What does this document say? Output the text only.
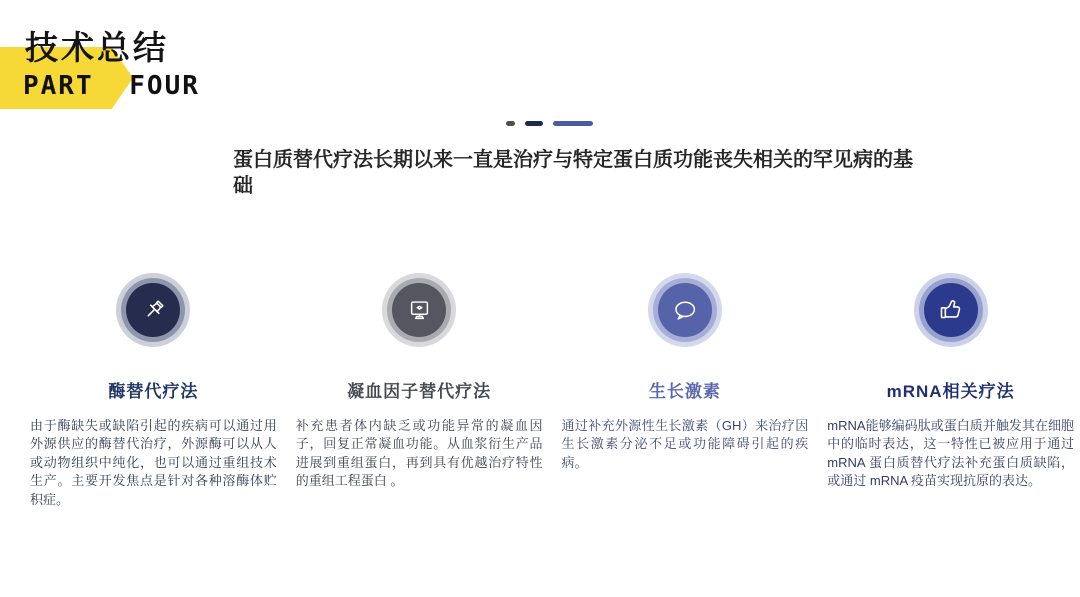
技术总结
PART FOUR
蛋白质替代疗法长期以来一直是治疗与特定蛋白质功能丧失相关的罕见病的基础
酶替代疗法
由于酶缺失或缺陷引起的疾病可以通过用外源供应的酶替代治疗，外源酶可以从人或动物组织中纯化，也可以通过重组技术生产。主要开发焦点是针对各种溶酶体贮积症。
凝血因子替代疗法
补充患者体内缺乏或功能异常的凝血因子，回复正常凝血功能。从血浆衍生产品进展到重组蛋白，再到具有优越治疗特性的重组工程蛋白 。
生长激素
通过补充外源性生长激素（GH）来治疗因生长激素分泌不足或功能障碍引起的疾病。
mRNA相关疗法
mRNA能够编码肽或蛋白质并触发其在细胞中的临时表达，这一特性已被应用于通过 mRNA 蛋白质替代疗法补充蛋白质缺陷，或通过 mRNA 疫苗实现抗原的表达。
